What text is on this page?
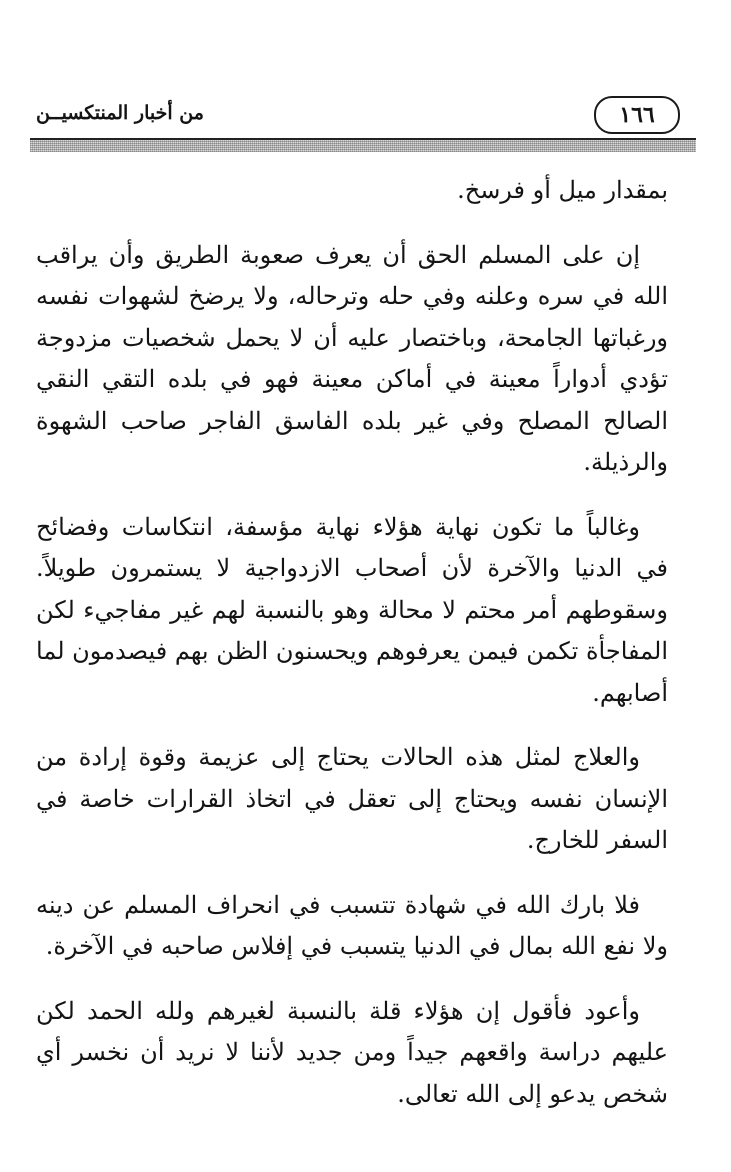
١٦٦
من أخبار المنتكسيــن

بمقدار ميل أو فرسخ.

إن على المسلم الحق أن يعرف صعوبة الطريق وأن يراقب الله في سره وعلنه وفي حله وترحاله، ولا يرضخ لشهوات نفسه ورغباتها الجامحة، وباختصار عليه أن لا يحمل شخصيات مزدوجة تؤدي أدواراً معينة في أماكن معينة فهو في بلده التقي النقي الصالح المصلح وفي غير بلده الفاسق الفاجر صاحب الشهوة والرذيلة.

وغالباً ما تكون نهاية هؤلاء نهاية مؤسفة، انتكاسات وفضائح في الدنيا والآخرة لأن أصحاب الازدواجية لا يستمرون طويلاً. وسقوطهم أمر محتم لا محالة وهو بالنسبة لهم غير مفاجيء لكن المفاجأة تكمن فيمن يعرفوهم ويحسنون الظن بهم فيصدمون لما أصابهم.

والعلاج لمثل هذه الحالات يحتاج إلى عزيمة وقوة إرادة من الإنسان نفسه ويحتاج إلى تعقل في اتخاذ القرارات خاصة في السفر للخارج.

فلا بارك الله في شهادة تتسبب في انحراف المسلم عن دينه ولا نفع الله بمال في الدنيا يتسبب في إفلاس صاحبه في الآخرة.

وأعود فأقول إن هؤلاء قلة بالنسبة لغيرهم ولله الحمد لكن عليهم دراسة واقعهم جيداً ومن جديد لأننا لا نريد أن نخسر أي شخص يدعو إلى الله تعالى.
